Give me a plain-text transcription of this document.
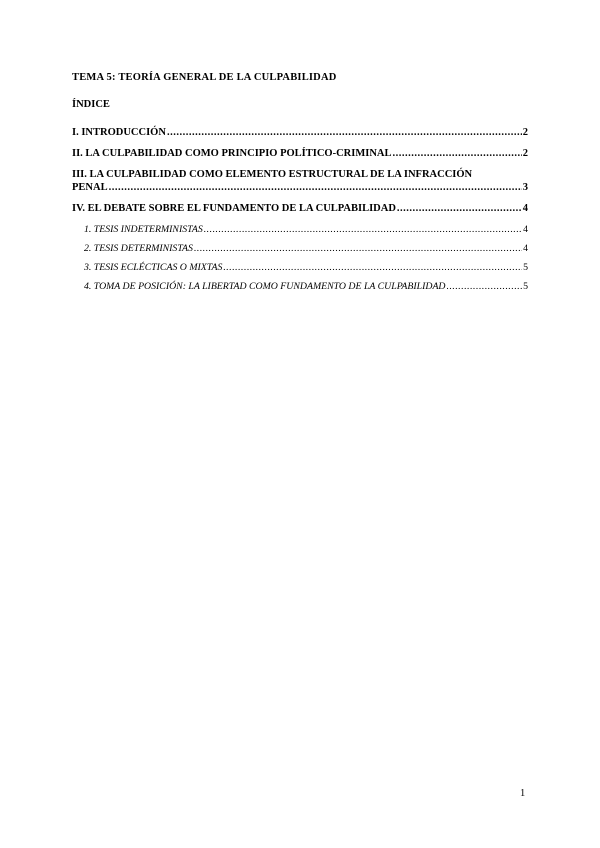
TEMA 5: TEORÍA GENERAL DE LA CULPABILIDAD
ÍNDICE
I. INTRODUCCIÓN .....	2
II. LA CULPABILIDAD COMO PRINCIPIO POLÍTICO-CRIMINAL .....	2
III. LA CULPABILIDAD COMO ELEMENTO ESTRUCTURAL DE LA INFRACCIÓN
PENAL .....	3
IV. EL DEBATE SOBRE EL FUNDAMENTO DE LA CULPABILIDAD .....	4
1. TESIS INDETERMINISTAS .....	4
2. TESIS DETERMINISTAS .....	4
3. TESIS ECLÉCTICAS O MIXTAS .....	5
4. TOMA DE POSICIÓN: LA LIBERTAD COMO FUNDAMENTO DE LA CULPABILIDAD .....	5
1
